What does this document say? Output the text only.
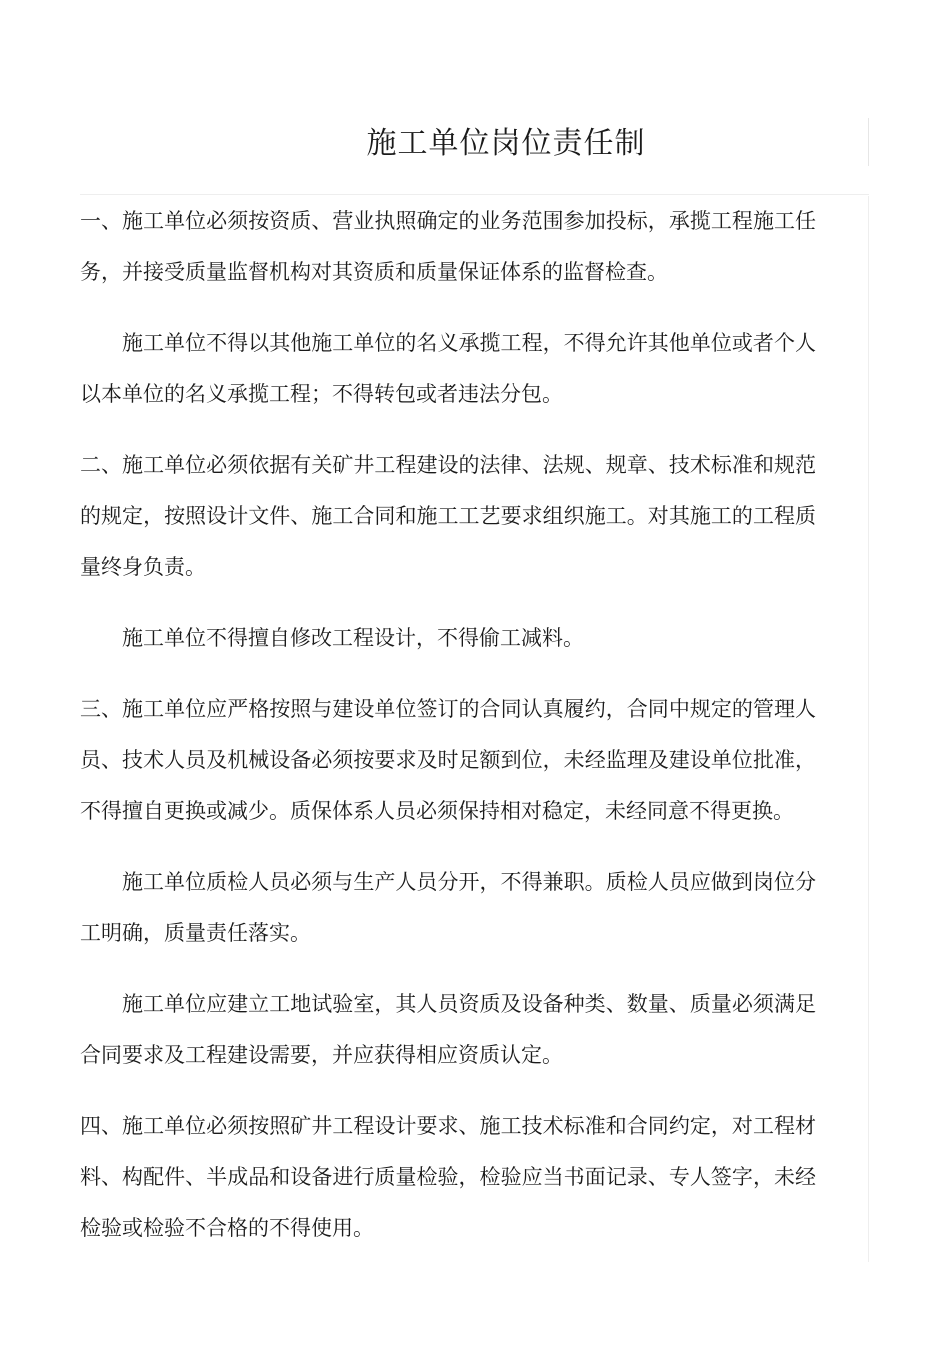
施工单位岗位责任制

一、施工单位必须按资质、营业执照确定的业务范围参加投标，承揽工程施工任务，并接受质量监督机构对其资质和质量保证体系的监督检查。

施工单位不得以其他施工单位的名义承揽工程，不得允许其他单位或者个人以本单位的名义承揽工程；不得转包或者违法分包。

二、施工单位必须依据有关矿井工程建设的法律、法规、规章、技术标准和规范的规定，按照设计文件、施工合同和施工工艺要求组织施工。对其施工的工程质量终身负责。

施工单位不得擅自修改工程设计，不得偷工减料。

三、施工单位应严格按照与建设单位签订的合同认真履约，合同中规定的管理人员、技术人员及机械设备必须按要求及时足额到位，未经监理及建设单位批准，不得擅自更换或减少。质保体系人员必须保持相对稳定，未经同意不得更换。

施工单位质检人员必须与生产人员分开，不得兼职。质检人员应做到岗位分工明确，质量责任落实。

施工单位应建立工地试验室，其人员资质及设备种类、数量、质量必须满足合同要求及工程建设需要，并应获得相应资质认定。

四、施工单位必须按照矿井工程设计要求、施工技术标准和合同约定，对工程材料、构配件、半成品和设备进行质量检验，检验应当书面记录、专人签字，未经检验或检验不合格的不得使用。
